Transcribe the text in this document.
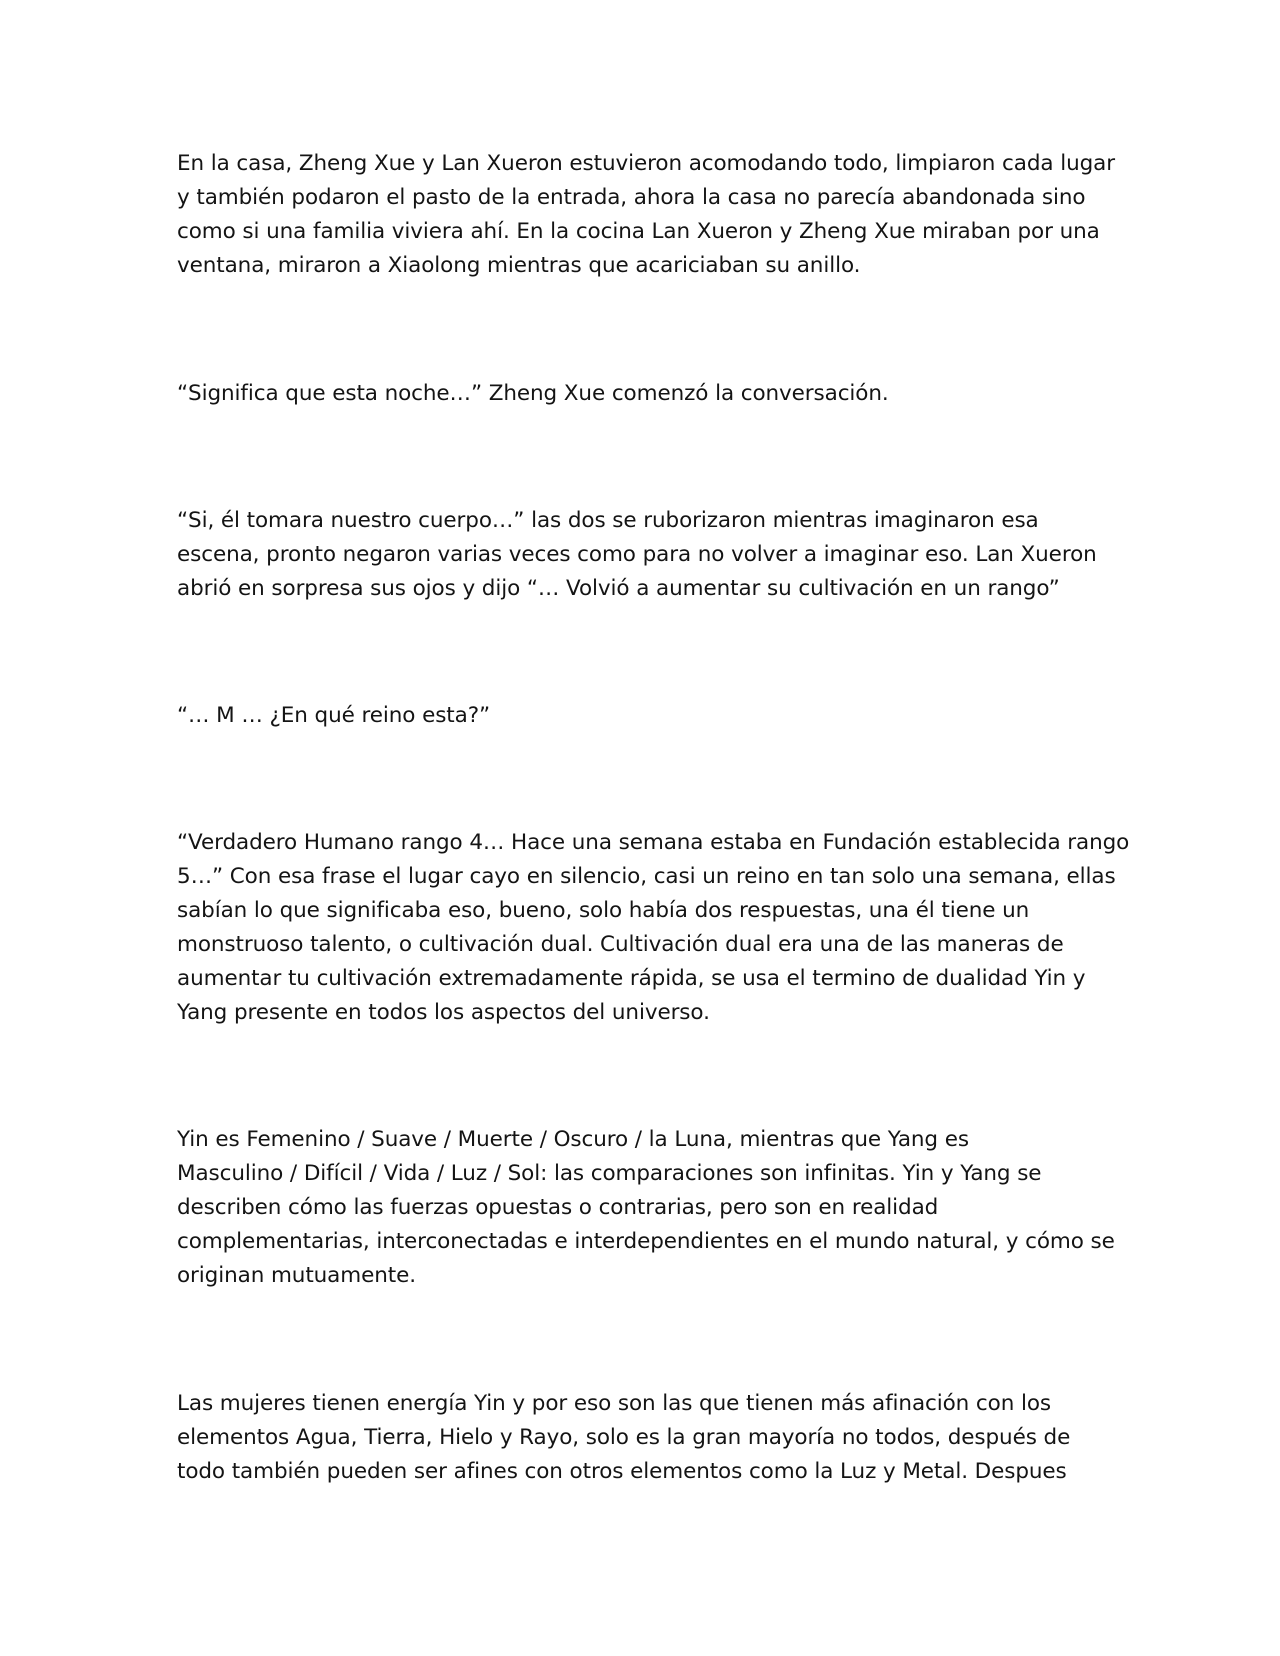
En la casa, Zheng Xue y Lan Xueron estuvieron acomodando todo, limpiaron cada lugar
y también podaron el pasto de la entrada, ahora la casa no parecía abandonada sino
como si una familia viviera ahí. En la cocina Lan Xueron y Zheng Xue miraban por una
ventana, miraron a Xiaolong mientras que acariciaban su anillo.

“Significa que esta noche…” Zheng Xue comenzó la conversación.

“Si, él tomara nuestro cuerpo…” las dos se ruborizaron mientras imaginaron esa
escena, pronto negaron varias veces como para no volver a imaginar eso. Lan Xueron
abrió en sorpresa sus ojos y dijo “… Volvió a aumentar su cultivación en un rango”

“… M … ¿En qué reino esta?”

“Verdadero Humano rango 4… Hace una semana estaba en Fundación establecida rango
5…” Con esa frase el lugar cayo en silencio, casi un reino en tan solo una semana, ellas
sabían lo que significaba eso, bueno, solo había dos respuestas, una él tiene un
monstruoso talento, o cultivación dual. Cultivación dual era una de las maneras de
aumentar tu cultivación extremadamente rápida, se usa el termino de dualidad Yin y
Yang presente en todos los aspectos del universo.

Yin es Femenino / Suave / Muerte / Oscuro / la Luna, mientras que Yang es
Masculino / Difícil / Vida / Luz / Sol: las comparaciones son infinitas. Yin y Yang se
describen cómo las fuerzas opuestas o contrarias, pero son en realidad
complementarias, interconectadas e interdependientes en el mundo natural, y cómo se
originan mutuamente.

Las mujeres tienen energía Yin y por eso son las que tienen más afinación con los
elementos Agua, Tierra, Hielo y Rayo, solo es la gran mayoría no todos, después de
todo también pueden ser afines con otros elementos como la Luz y Metal. Despues
